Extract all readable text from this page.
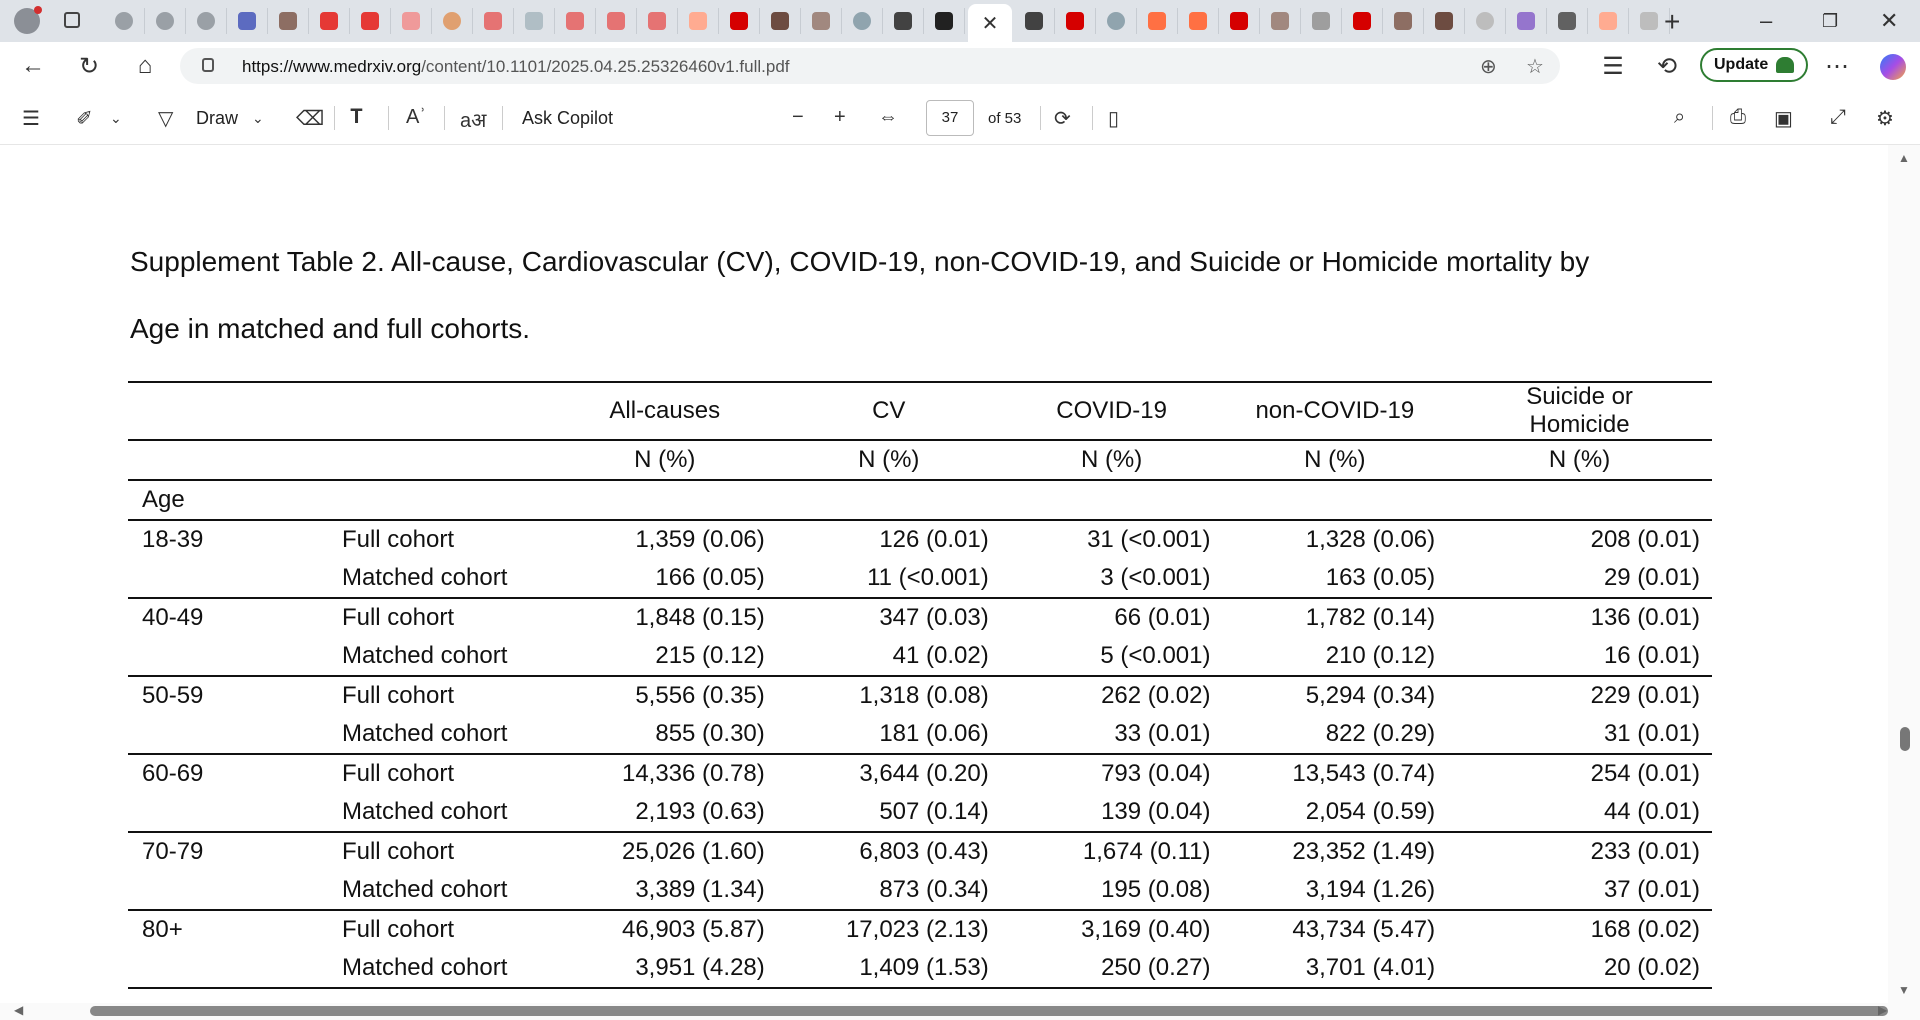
✕	+	–	❐ ✕
← ↻	⌂	https://www.medrxiv.org/content/10.1101/2025.04.25.25326460v1.full.pdf	⊕ ☆ ☰ ⟲	Update ⋯
☰ ✐ ⌄ ▽ Draw ⌄ ⌫ 𝐓 Aʾ aअ Ask Copilot	− + ⇔	37	of 53 ⟳ ▯	⌕ ⎙ ▣ ⤢ ⚙
Supplement Table 2. All-cause, Cardiovascular (CV), COVID-19, non-COVID-19, and Suicide or Homicide mortality by
Age in matched and full cohorts.
		All-causes	CV	COVID-19	non-COVID-19	Suicide or Homicide
		N (%)	N (%)	N (%)	N (%)	N (%)
Age						
18-39	Full cohort	1,359 (0.06)	126 (0.01)	31 (<0.001)	1,328 (0.06)	208 (0.01)
	Matched cohort	166 (0.05)	11 (<0.001)	3 (<0.001)	163 (0.05)	29 (0.01)
40-49	Full cohort	1,848 (0.15)	347 (0.03)	66 (0.01)	1,782 (0.14)	136 (0.01)
	Matched cohort	215 (0.12)	41 (0.02)	5 (<0.001)	210 (0.12)	16 (0.01)
50-59	Full cohort	5,556 (0.35)	1,318 (0.08)	262 (0.02)	5,294 (0.34)	229 (0.01)
	Matched cohort	855 (0.30)	181 (0.06)	33 (0.01)	822 (0.29)	31 (0.01)
60-69	Full cohort	14,336 (0.78)	3,644 (0.20)	793 (0.04)	13,543 (0.74)	254 (0.01)
	Matched cohort	2,193 (0.63)	507 (0.14)	139 (0.04)	2,054 (0.59)	44 (0.01)
70-79	Full cohort	25,026 (1.60)	6,803 (0.43)	1,674 (0.11)	23,352 (1.49)	233 (0.01)
	Matched cohort	3,389 (1.34)	873 (0.34)	195 (0.08)	3,194 (1.26)	37 (0.01)
80+	Full cohort	46,903 (5.87)	17,023 (2.13)	3,169 (0.40)	43,734 (5.47)	168 (0.02)
	Matched cohort	3,951 (4.28)	1,409 (1.53)	250 (0.27)	3,701 (4.01)	20 (0.02)
▲
▼
◀	▶
